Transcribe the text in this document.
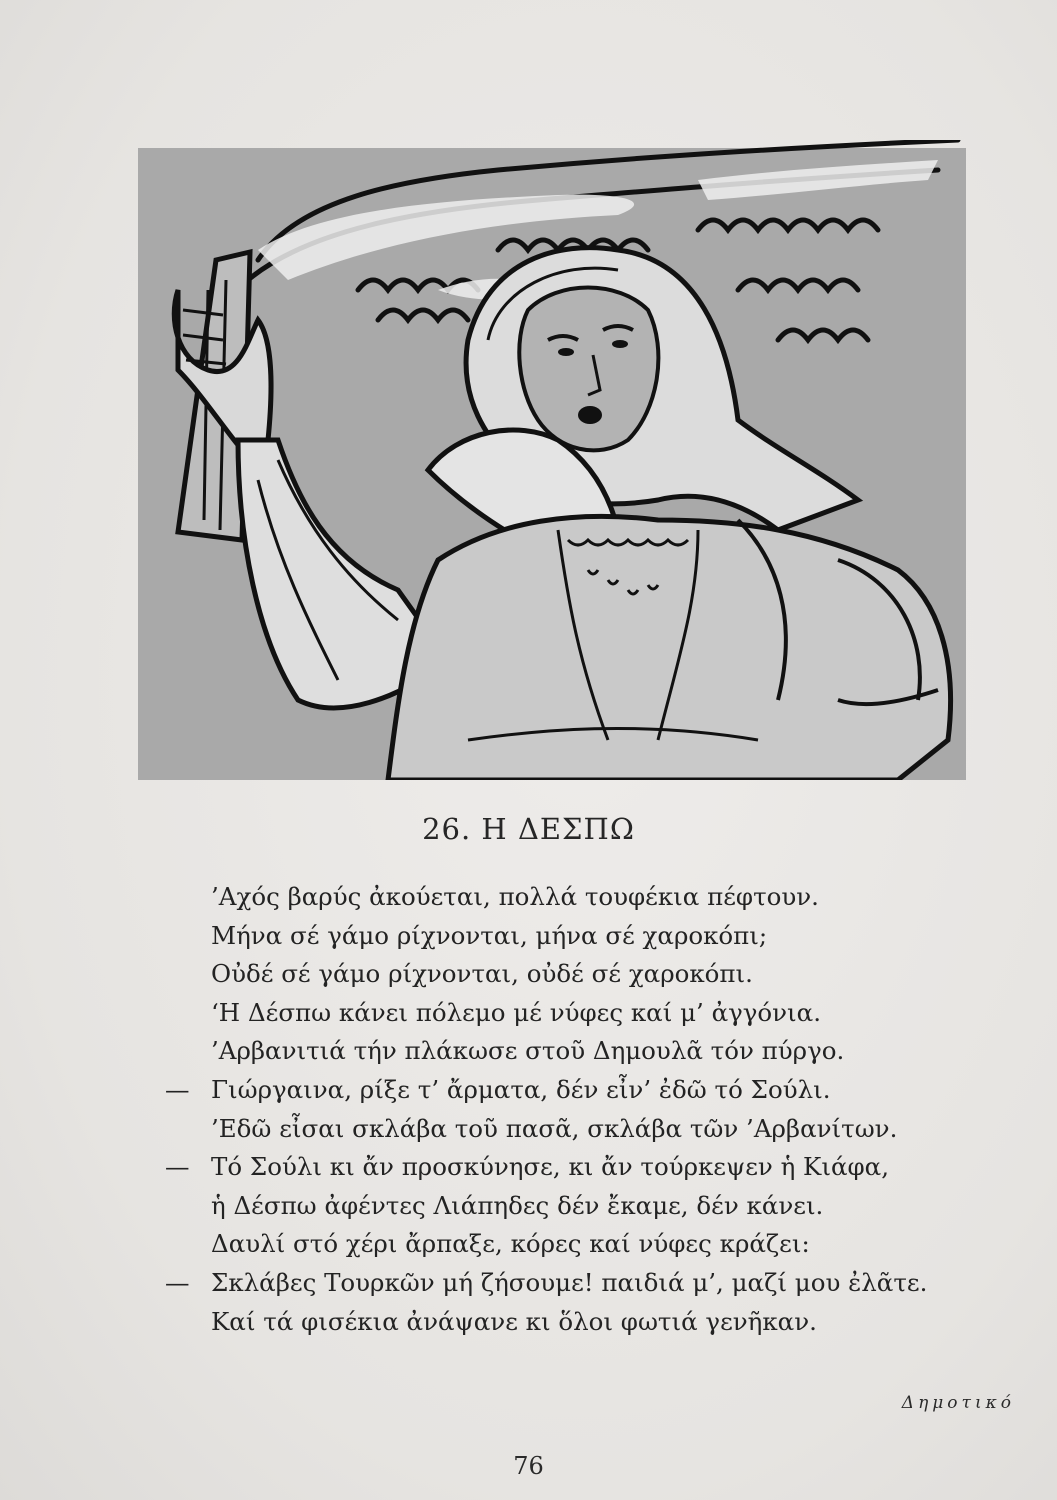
26. Η ΔΕΣΠΩ
’Αχός βαρύς ἀκούεται, πολλά τουφέκια πέφτουν.
Μήνα σέ γάμο ρίχνονται, μήνα σέ χαροκόπι;
Οὐδέ σέ γάμο ρίχνονται, οὐδέ σέ χαροκόπι.
‘Η Δέσπω κάνει πόλεμο μέ νύφες καί μ’ ἀγγόνια.
’Αρβανιτιά τήν πλάκωσε στοῦ Δημουλᾶ τόν πύργο.
— Γιώργαινα, ρίξε τ’ ἄρματα, δέν εἶν’ ἐδῶ τό Σούλι.
’Εδῶ εἶσαι σκλάβα τοῦ πασᾶ, σκλάβα τῶν ’Αρβανίτων.
— Τό Σούλι κι ἄν προσκύνησε, κι ἄν τούρκεψεν ἡ Κιάφα,
ἡ Δέσπω ἀφέντες Λιάπηδες δέν ἔκαμε, δέν κάνει.
Δαυλί στό χέρι ἄρπαξε, κόρες καί νύφες κράζει:
— Σκλάβες Τουρκῶν μή ζήσουμε! παιδιά μ’, μαζί μου ἐλᾶτε.
Καί τά φισέκια ἀνάψανε κι ὅλοι φωτιά γενῆκαν.
Δημοτικό
76
